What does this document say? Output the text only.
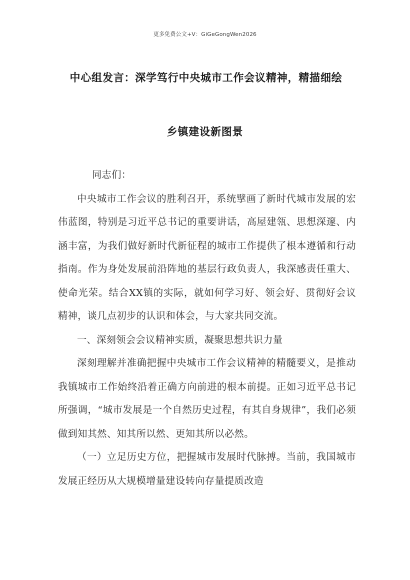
更多免费公文+V：GiGeGongWen2026
中心组发言：深学笃行中央城市工作会议精神，精描细绘
乡镇建设新图景

同志们：

中央城市工作会议的胜利召开，系统擘画了新时代城市发展的宏伟蓝图，特别是习近平总书记的重要讲话，高屋建瓴、思想深邃、内涵丰富，为我们做好新时代新征程的城市工作提供了根本遵循和行动指南。作为身处发展前沿阵地的基层行政负责人，我深感责任重大、使命光荣。结合XX镇的实际，就如何学习好、领会好、贯彻好会议精神，谈几点初步的认识和体会，与大家共同交流。

一、深刻领会会议精神实质，凝聚思想共识力量

深刻理解并准确把握中央城市工作会议精神的精髓要义，是推动我镇城市工作始终沿着正确方向前进的根本前提。正如习近平总书记所强调，“城市发展是一个自然历史过程，有其自身规律”，我们必须做到知其然、知其所以然、更知其所以必然。

（一）立足历史方位，把握城市发展时代脉搏。当前，我国城市发展正经历从大规模增量建设转向存量提质改造
